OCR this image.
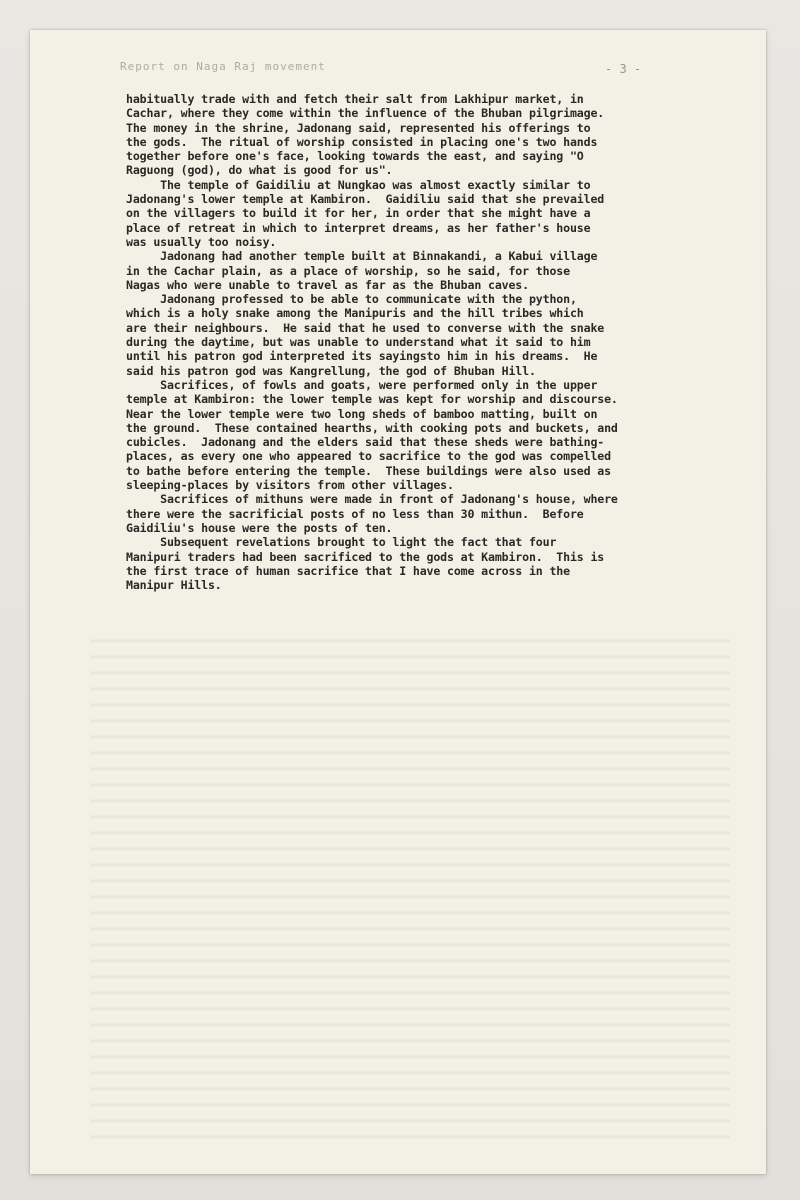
Report on Naga Raj movement	- 3 -
habitually trade with and fetch their salt from Lakhipur market, in
Cachar, where they come within the influence of the Bhuban pilgrimage.
The money in the shrine, Jadonang said, represented his offerings to
the gods.  The ritual of worship consisted in placing one's two hands
together before one's face, looking towards the east, and saying "O
Raguong (god), do what is good for us".
The temple of Gaidiliu at Nungkao was almost exactly similar to
Jadonang's lower temple at Kambiron.  Gaidiliu said that she prevailed
on the villagers to build it for her, in order that she might have a
place of retreat in which to interpret dreams, as her father's house
was usually too noisy.
Jadonang had another temple built at Binnakandi, a Kabui village
in the Cachar plain, as a place of worship, so he said, for those
Nagas who were unable to travel as far as the Bhuban caves.
Jadonang professed to be able to communicate with the python,
which is a holy snake among the Manipuris and the hill tribes which
are their neighbours.  He said that he used to converse with the snake
during the daytime, but was unable to understand what it said to him
until his patron god interpreted its sayingsto him in his dreams.  He
said his patron god was Kangrellung, the god of Bhuban Hill.
Sacrifices, of fowls and goats, were performed only in the upper
temple at Kambiron: the lower temple was kept for worship and discourse.
Near the lower temple were two long sheds of bamboo matting, built on
the ground.  These contained hearths, with cooking pots and buckets, and
cubicles.  Jadonang and the elders said that these sheds were bathing-
places, as every one who appeared to sacrifice to the god was compelled
to bathe before entering the temple.  These buildings were also used as
sleeping-places by visitors from other villages.
Sacrifices of mithuns were made in front of Jadonang's house, where
there were the sacrificial posts of no less than 30 mithun.  Before
Gaidiliu's house were the posts of ten.
Subsequent revelations brought to light the fact that four
Manipuri traders had been sacrificed to the gods at Kambiron.  This is
the first trace of human sacrifice that I have come across in the
Manipur Hills.
